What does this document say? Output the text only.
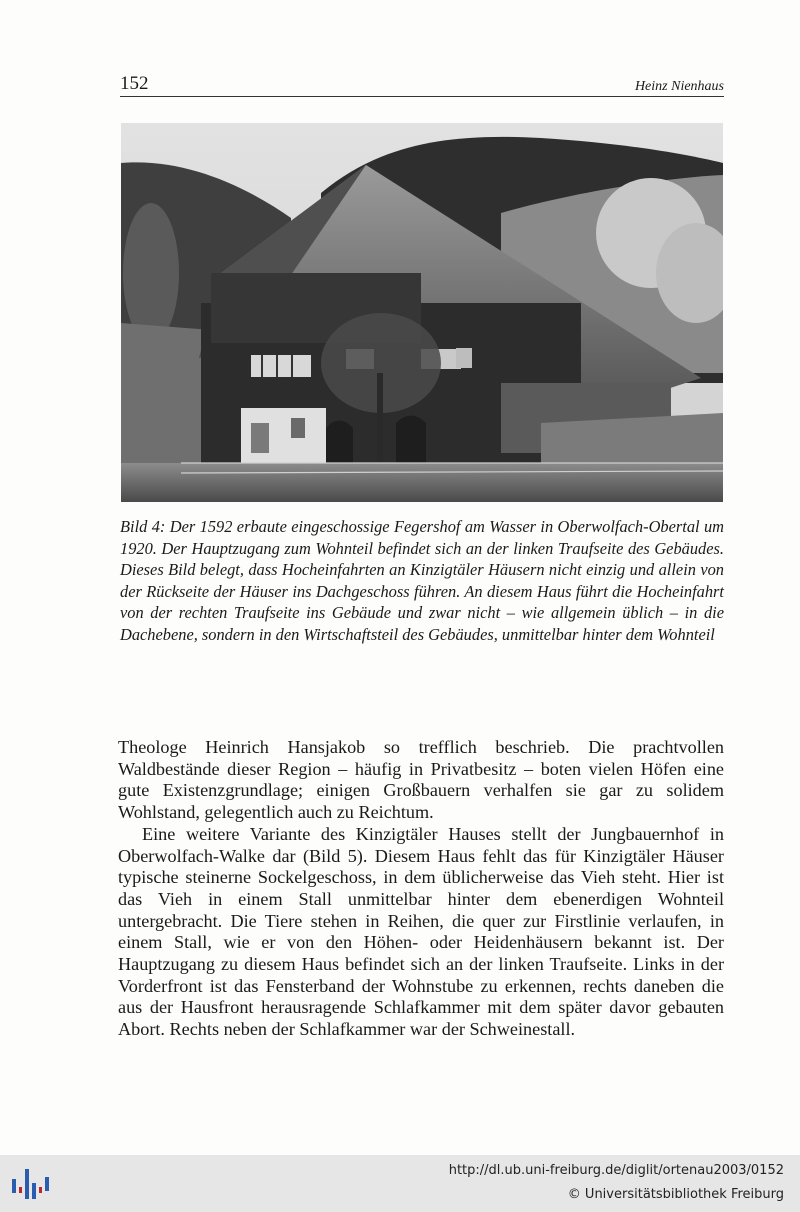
152	Heinz Nienhaus
Bild 4: Der 1592 erbaute eingeschossige Fegershof am Wasser in Oberwolfach-Obertal um 1920. Der Hauptzugang zum Wohnteil befindet sich an der linken Traufseite des Gebäudes. Dieses Bild belegt, dass Hocheinfahrten an Kinzigtäler Häusern nicht einzig und allein von der Rückseite der Häuser ins Dachgeschoss führen. An diesem Haus führt die Hocheinfahrt von der rechten Traufseite ins Gebäude und zwar nicht – wie allgemein üblich – in die Dachebene, sondern in den Wirtschaftsteil des Gebäudes, unmittelbar hinter dem Wohnteil

Theologe Heinrich Hansjakob so trefflich beschrieb. Die prachtvollen Waldbestände dieser Region – häufig in Privatbesitz – boten vielen Höfen eine gute Existenzgrundlage; einigen Großbauern verhalfen sie gar zu solidem Wohlstand, gelegentlich auch zu Reichtum.

Eine weitere Variante des Kinzigtäler Hauses stellt der Jungbauernhof in Oberwolfach-Walke dar (Bild 5). Diesem Haus fehlt das für Kinzigtäler Häuser typische steinerne Sockelgeschoss, in dem üblicherweise das Vieh steht. Hier ist das Vieh in einem Stall unmittelbar hinter dem ebenerdigen Wohnteil untergebracht. Die Tiere stehen in Reihen, die quer zur Firstlinie verlaufen, in einem Stall, wie er von den Höhen- oder Heidenhäusern bekannt ist. Der Hauptzugang zu diesem Haus befindet sich an der linken Traufseite. Links in der Vorderfront ist das Fensterband der Wohnstube zu erkennen, rechts daneben die aus der Hausfront herausragende Schlafkammer mit dem später davor gebauten Abort. Rechts neben der Schlafkammer war der Schweinestall.

http://dl.ub.uni-freiburg.de/diglit/ortenau2003/0152
© Universitätsbibliothek Freiburg
